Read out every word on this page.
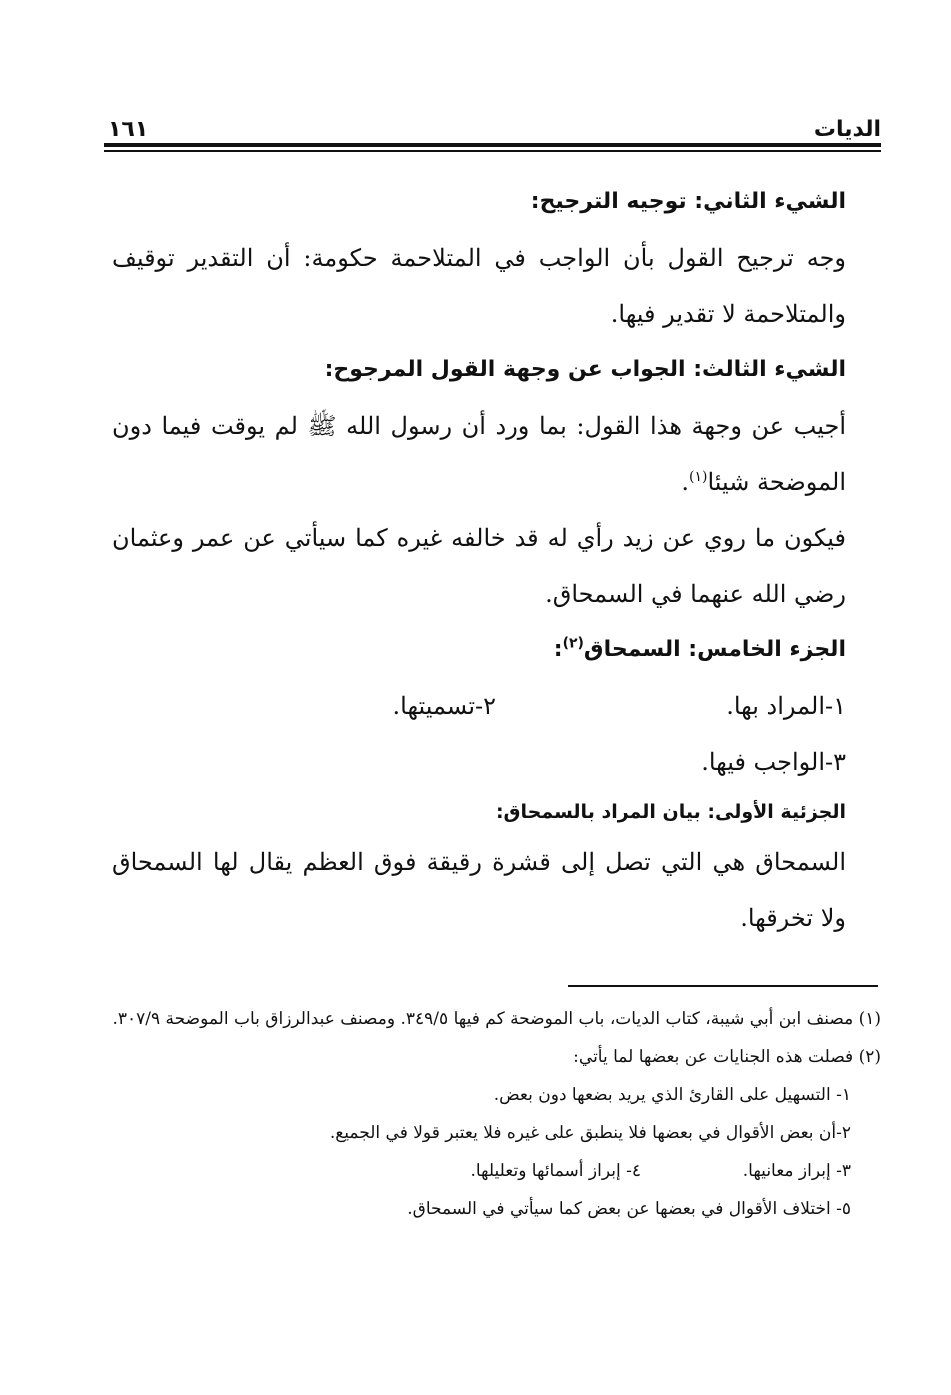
الديات
١٦١

الشيء الثاني: توجيه الترجيح:

وجه ترجيح القول بأن الواجب في المتلاحمة حكومة: أن التقدير توقيف والمتلاحمة لا تقدير فيها.

الشيء الثالث: الجواب عن وجهة القول المرجوح:

أجيب عن وجهة هذا القول: بما ورد أن رسول الله ﷺ لم يوقت فيما دون الموضحة شيئا$^{(١)}$.

فيكون ما روي عن زيد رأي له قد خالفه غيره كما سيأتي عن عمر وعثمان رضي الله عنهما في السمحاق.

الجزء الخامس: السمحاق$^{(٢)}$:

١-المراد بها.
٢-تسميتها.

٣-الواجب فيها.

الجزئية الأولى: بيان المراد بالسمحاق:

السمحاق هي التي تصل إلى قشرة رقيقة فوق العظم يقال لها السمحاق ولا تخرقها.

(١) مصنف ابن أبي شيبة، كتاب الديات، باب الموضحة كم فيها ٣٤٩/٥. ومصنف عبدالرزاق باب الموضحة ٣٠٧/٩.

(٢) فصلت هذه الجنايات عن بعضها لما يأتي:

١- التسهيل على القارئ الذي يريد بضعها دون بعض.

٢-أن بعض الأقوال في بعضها فلا ينطبق على غيره فلا يعتبر قولا في الجميع.

٣- إبراز معانيها.
٤- إبراز أسمائها وتعليلها.

٥- اختلاف الأقوال في بعضها عن بعض كما سيأتي في السمحاق.
